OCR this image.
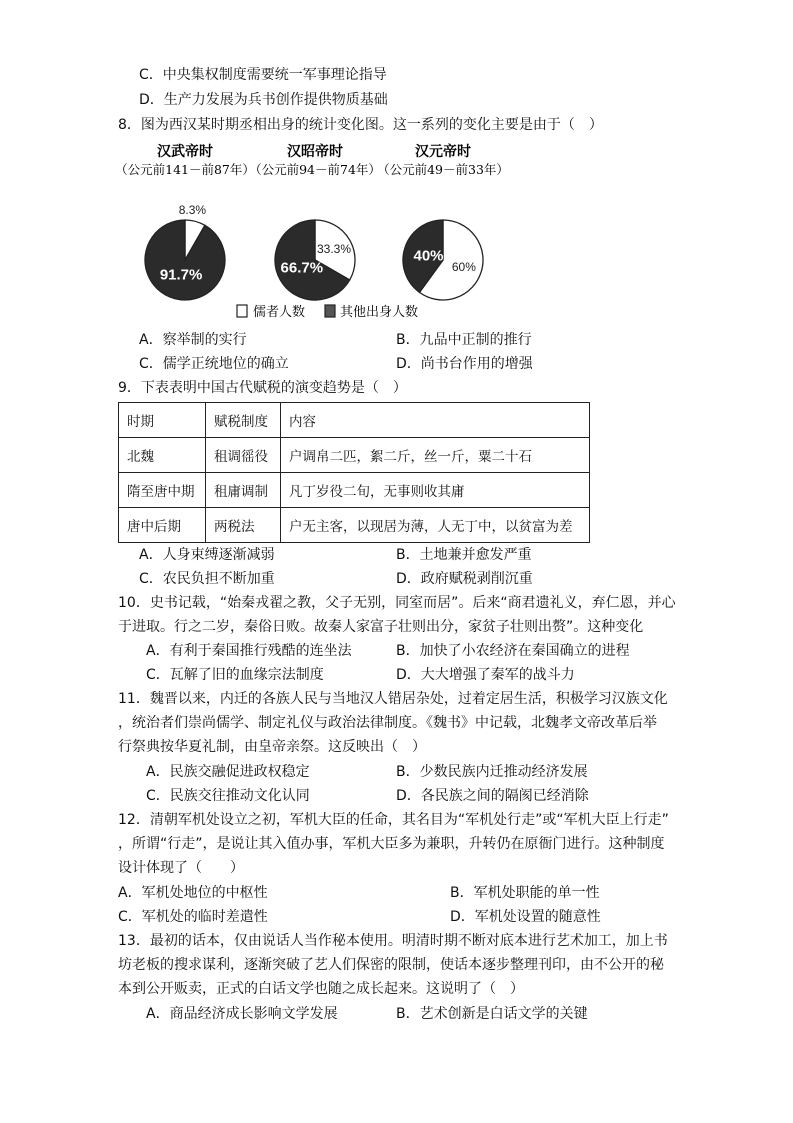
C．中央集权制度需要统一军事理论指导
D．生产力发展为兵书创作提供物质基础
8．图为西汉某时期丞相出身的统计变化图。这一系列的变化主要是由于（　）
汉武帝时
（公元前141－前87年）
8.3%
91.7%
汉昭帝时
（公元前94－前74年）
33.3%
66.7%
汉元帝时
（公元前49－前33年）
60%
40%
儒者人数	其他出身人数
A．察举制的实行	B．九品中正制的推行
C．儒学正统地位的确立	D．尚书台作用的增强
9．下表表明中国古代赋税的演变趋势是（　）
时期	赋税制度	内容
北魏	租调徭役	户调帛二匹，絮二斤，丝一斤，粟二十石
隋至唐中期	租庸调制	凡丁岁役二旬，无事则收其庸
唐中后期	两税法	户无主客，以现居为薄，人无丁中，以贫富为差
A．人身束缚逐渐减弱	B．土地兼并愈发严重
C．农民负担不断加重	D．政府赋税剥削沉重
10．史书记载，“始秦戎翟之教，父子无别，同室而居”。后来“商君遗礼义，弃仁恩，并心
于进取。行之二岁，秦俗日败。故秦人家富子壮则出分，家贫子壮则出赘”。这种变化
A．有利于秦国推行残酷的连坐法	B．加快了小农经济在秦国确立的进程
C．瓦解了旧的血缘宗法制度	D．大大增强了秦军的战斗力
11．魏晋以来，内迁的各族人民与当地汉人错居杂处，过着定居生活，积极学习汉族文化
，统治者们崇尚儒学、制定礼仪与政治法律制度。《魏书》中记载，北魏孝文帝改革后举
行祭典按华夏礼制，由皇帝亲祭。这反映出（　）
A．民族交融促进政权稳定	B．少数民族内迁推动经济发展
C．民族交往推动文化认同	D．各民族之间的隔阂已经消除
12．清朝军机处设立之初，军机大臣的任命，其名目为“军机处行走”或“军机大臣上行走”
，所谓“行走”，是说让其入值办事，军机大臣多为兼职，升转仍在原衙门进行。这种制度
设计体现了（　　）
A．军机处地位的中枢性	B．军机处职能的单一性
C．军机处的临时差遣性	D．军机处设置的随意性
13．最初的话本，仅由说话人当作秘本使用。明清时期不断对底本进行艺术加工，加上书
坊老板的搜求谋利，逐渐突破了艺人们保密的限制，使话本逐步整理刊印，由不公开的秘
本到公开贩卖，正式的白话文学也随之成长起来。这说明了（　）
A．商品经济成长影响文学发展	B．艺术创新是白话文学的关键
